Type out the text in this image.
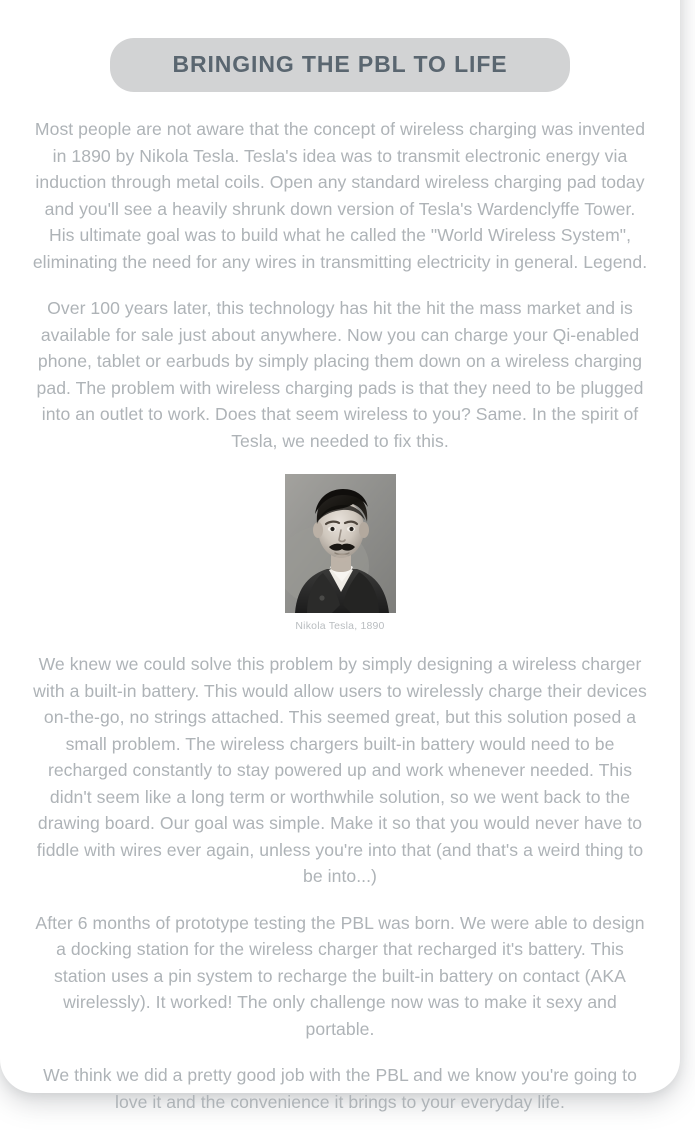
BRINGING THE PBL TO LIFE

Most people are not aware that the concept of wireless charging was invented in 1890 by Nikola Tesla. Tesla's idea was to transmit electronic energy via induction through metal coils. Open any standard wireless charging pad today and you'll see a heavily shrunk down version of Tesla's Wardenclyffe Tower. His ultimate goal was to build what he called the "World Wireless System", eliminating the need for any wires in transmitting electricity in general. Legend.

Over 100 years later, this technology has hit the hit the mass market and is available for sale just about anywhere. Now you can charge your Qi-enabled phone, tablet or earbuds by simply placing them down on a wireless charging pad. The problem with wireless charging pads is that they need to be plugged into an outlet to work. Does that seem wireless to you? Same. In the spirit of Tesla, we needed to fix this.

Nikola Tesla, 1890

We knew we could solve this problem by simply designing a wireless charger with a built-in battery. This would allow users to wirelessly charge their devices on-the-go, no strings attached. This seemed great, but this solution posed a small problem. The wireless chargers built-in battery would need to be recharged constantly to stay powered up and work whenever needed. This didn't seem like a long term or worthwhile solution, so we went back to the drawing board. Our goal was simple. Make it so that you would never have to fiddle with wires ever again, unless you're into that (and that's a weird thing to be into...)

After 6 months of prototype testing the PBL was born. We were able to design a docking station for the wireless charger that recharged it's battery. This station uses a pin system to recharge the built-in battery on contact (AKA wirelessly). It worked! The only challenge now was to make it sexy and portable.

We think we did a pretty good job with the PBL and we know you're going to love it and the convenience it brings to your everyday life.
